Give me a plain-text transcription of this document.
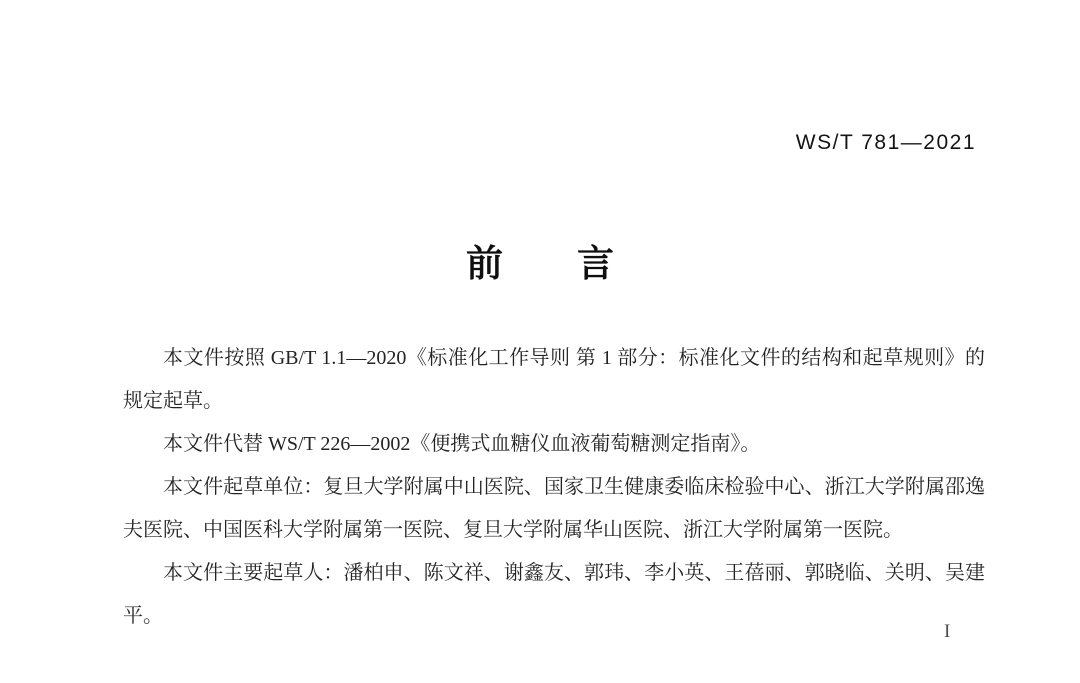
WS/T 781—2021
前　　言

本文件按照 GB/T 1.1—2020《标准化工作导则 第 1 部分：标准化文件的结构和起草规则》的规定起草。

本文件代替 WS/T 226—2002《便携式血糖仪血液葡萄糖测定指南》。

本文件起草单位：复旦大学附属中山医院、国家卫生健康委临床检验中心、浙江大学附属邵逸夫医院、中国医科大学附属第一医院、复旦大学附属华山医院、浙江大学附属第一医院。

本文件主要起草人：潘柏申、陈文祥、谢鑫友、郭玮、李小英、王蓓丽、郭晓临、关明、吴建平。

I
